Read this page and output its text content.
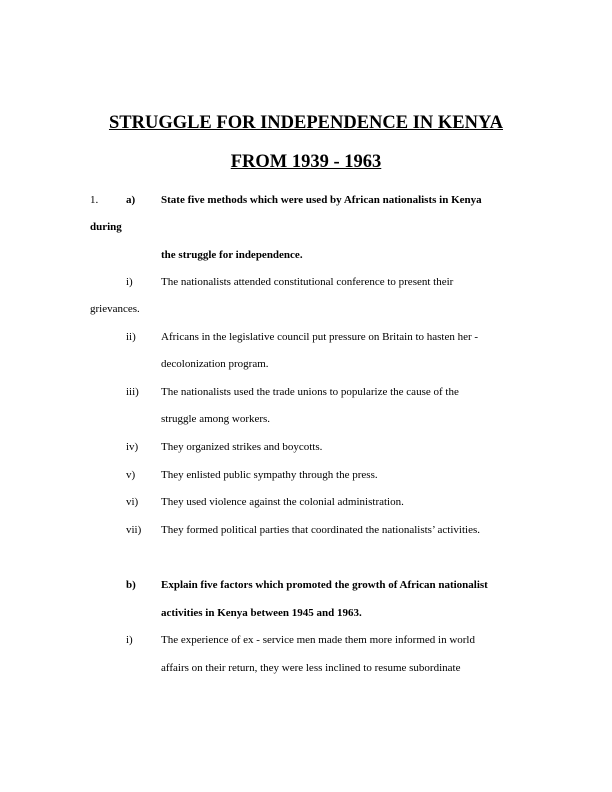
STRUGGLE FOR INDEPENDENCE IN KENYA
FROM 1939 - 1963
1.	a) State five methods which were used by African nationalists in Kenya
during
the struggle for independence.
i)	The nationalists attended constitutional conference to present their
grievances.
ii) Africans in the legislative council put pressure on Britain to hasten her -
decolonization program.
iii) The nationalists used the trade unions to popularize the cause of the
struggle among workers.
iv) They organized strikes and boycotts.
v) They enlisted public sympathy through the press.
vi) They used violence against the colonial administration.
vii) They formed political parties that coordinated the nationalists’ activities.
b) Explain five factors which promoted the growth of African nationalist
activities in Kenya between 1945 and 1963.
i)	The experience of ex - service men made them more informed in world
affairs on their return, they were less inclined to resume subordinate
